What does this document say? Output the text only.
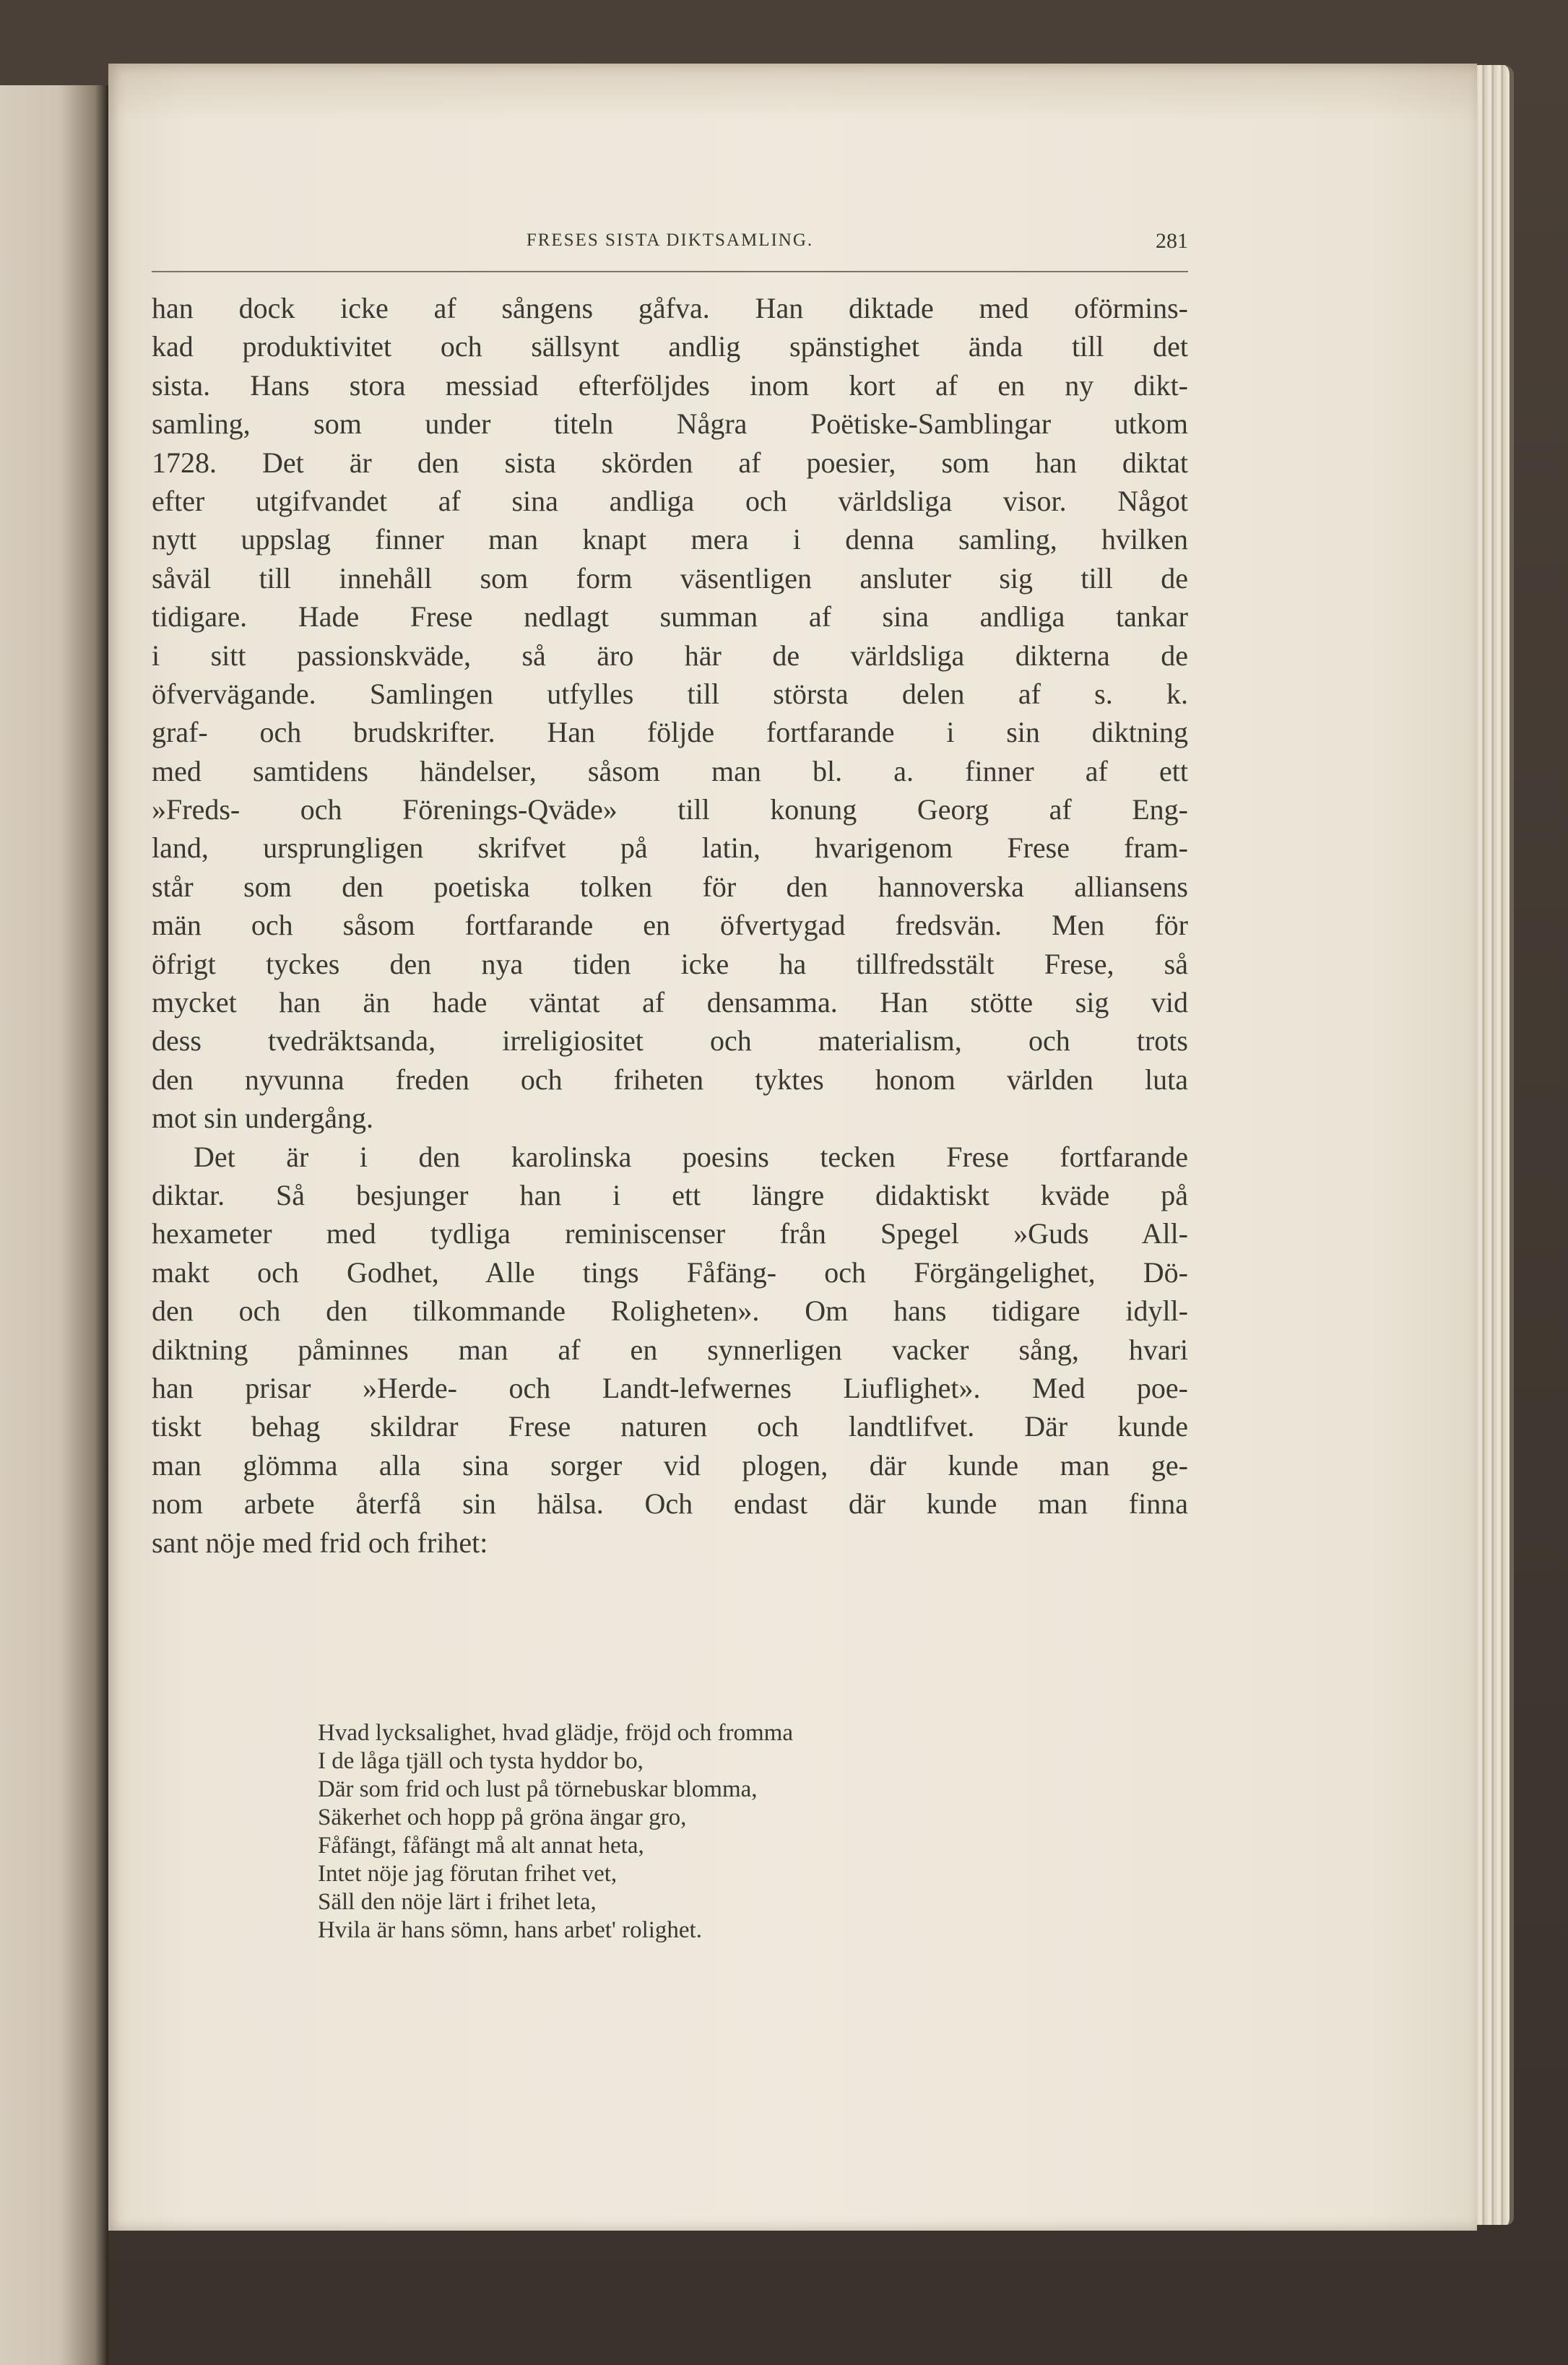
FRESES SISTA DIKTSAMLING.	281
han dock icke af sångens gåfva. Han diktade med oförmins-
kad produktivitet och sällsynt andlig spänstighet ända till det
sista. Hans stora messiad efterföljdes inom kort af en ny dikt-
samling, som under titeln Några Poëtiske-Samblingar utkom
1728. Det är den sista skörden af poesier, som han diktat
efter utgifvandet af sina andliga och världsliga visor. Något
nytt uppslag finner man knapt mera i denna samling, hvilken
såväl till innehåll som form väsentligen ansluter sig till de
tidigare. Hade Frese nedlagt summan af sina andliga tankar
i sitt passionskväde, så äro här de världsliga dikterna de
öfvervägande. Samlingen utfylles till största delen af s. k.
graf- och brudskrifter. Han följde fortfarande i sin diktning
med samtidens händelser, såsom man bl. a. finner af ett
»Freds- och Förenings-Qväde» till konung Georg af Eng-
land, ursprungligen skrifvet på latin, hvarigenom Frese fram-
står som den poetiska tolken för den hannoverska alliansens
män och såsom fortfarande en öfvertygad fredsvän. Men för
öfrigt tyckes den nya tiden icke ha tillfredsstält Frese, så
mycket han än hade väntat af densamma. Han stötte sig vid
dess tvedräktsanda, irreligiositet och materialism, och trots
den nyvunna freden och friheten tyktes honom världen luta
mot sin undergång.
Det är i den karolinska poesins tecken Frese fortfarande
diktar. Så besjunger han i ett längre didaktiskt kväde på
hexameter med tydliga reminiscenser från Spegel »Guds All-
makt och Godhet, Alle tings Fåfäng- och Förgängelighet, Dö-
den och den tilkommande Roligheten». Om hans tidigare idyll-
diktning påminnes man af en synnerligen vacker sång, hvari
han prisar »Herde- och Landt-lefwernes Liuflighet». Med poe-
tiskt behag skildrar Frese naturen och landtlifvet. Där kunde
man glömma alla sina sorger vid plogen, där kunde man ge-
nom arbete återfå sin hälsa. Och endast där kunde man finna
sant nöje med frid och frihet:
Hvad lycksalighet, hvad glädje, fröjd och fromma
I de låga tjäll och tysta hyddor bo,
Där som frid och lust på törnebuskar blomma,
Säkerhet och hopp på gröna ängar gro,
Fåfängt, fåfängt må alt annat heta,
Intet nöje jag förutan frihet vet,
Säll den nöje lärt i frihet leta,
Hvila är hans sömn, hans arbet' rolighet.
